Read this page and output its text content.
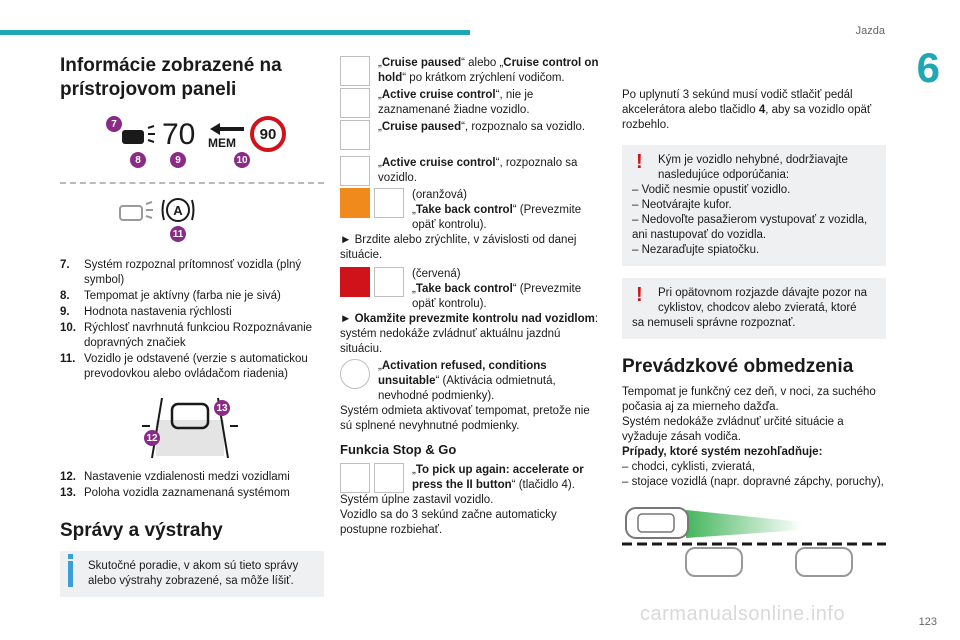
Jazda
6
Informácie zobrazené na prístrojovom paneli
7 70 MEM
90
8	9	10
A
11
7.	Systém rozpoznal prítomnosť vozidla (plný symbol)
8.	Tempomat je aktívny (farba nie je sivá)
9.	Hodnota nastavenia rýchlosti
10. Rýchlosť navrhnutá funkciou Rozpoznávanie dopravných značiek
11. Vozidlo je odstavené (verzie s automatickou prevodovkou alebo ovládačom riadenia)
13
12
12. Nastavenie vzdialenosti medzi vozidlami
13. Poloha vozidla zaznamenaná systémom
Správy a výstrahy

Skutočné poradie, v akom sú tieto správy alebo výstrahy zobrazené, sa môže líšiť.

„Cruise paused“ alebo „Cruise control on hold“ po krátkom zrýchlení vodičom.

„Active cruise control“, nie je zaznamenané žiadne vozidlo.

„Cruise paused“, rozpoznalo sa vozidlo.

„Active cruise control“, rozpoznalo sa vozidlo.

(oranžová)

„Take back control“ (Prevezmite opäť kontrolu).

► Brzdite alebo zrýchlite, v závislosti od danej situácie.

(červená)

„Take back control“ (Prevezmite opäť kontrolu).

► Okamžite prevezmite kontrolu nad vozidlom: systém nedokáže zvládnuť aktuálnu jazdnú situáciu.

„Activation refused, conditions unsuitable“ (Aktivácia odmietnutá, nevhodné podmienky).

Systém odmieta aktivovať tempomat, pretože nie sú splnené nevyhnutné podmienky.

Funkcia Stop & Go

„To pick up again: accelerate or press the II button“ (tlačidlo 4).

Systém úplne zastavil vozidlo.

Vozidlo sa do 3 sekúnd začne automaticky postupne rozbiehať.

Po uplynutí 3 sekúnd musí vodič stlačiť pedál akcelerátora alebo tlačidlo 4, aby sa vozidlo opäť rozbehlo.

!	Kým je vozidlo nehybné, dodržiavajte nasledujúce odporúčania:

– Vodič nesmie opustiť vozidlo.

– Neotvárajte kufor.

– Nedovoľte pasažierom vystupovať z vozidla, ani nastupovať do vozidla.

– Nezaraďujte spiatočku.

!	Pri opätovnom rozjazde dávajte pozor na cyklistov, chodcov alebo zvieratá, ktoré

sa nemuseli správne rozpoznať.

Prevádzkové obmedzenia

Tempomat je funkčný cez deň, v noci, za suchého počasia aj za mierneho dažďa.

Systém nedokáže zvládnuť určité situácie a vyžaduje zásah vodiča.

Prípady, ktoré systém nezohľadňuje:

– chodci, cyklisti, zvieratá,

– stojace vozidlá (napr. dopravné zápchy, poruchy),

carmanualsonline.info	123
